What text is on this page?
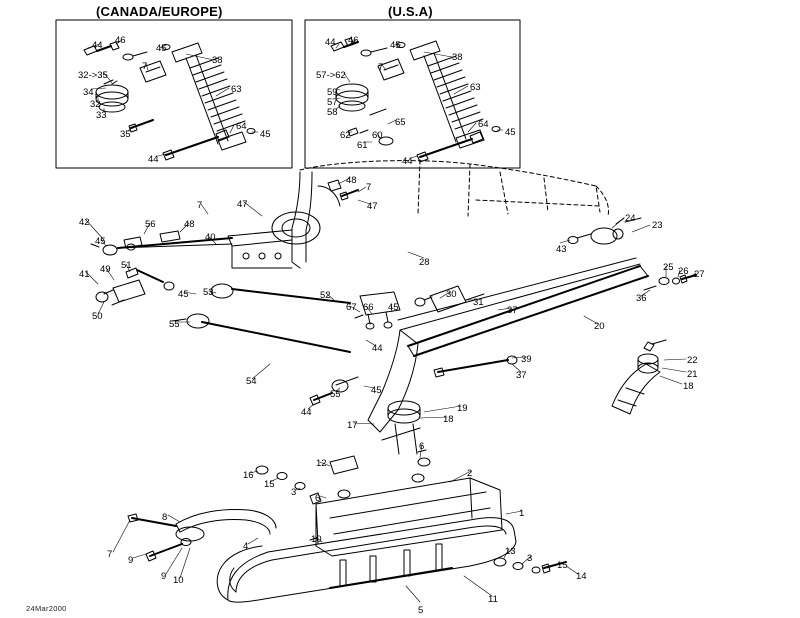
(CANADA/EUROPE)	(U.S.A)
46
44	45
38
32->35
7
63
34
32
33
35
64
45
44
46
44	45
38
57->62
7
63
59
57
58
65
62 60
61
64
45
44
48
7
47	47
7
42	56	48
24
23
45	40
43
41 49 51	28	25 26 27
45 53	52	30
31
37
36
50
67 66 45
20
55
44
39	22
54
21
37
18
55	45
19
44
18
17
6
16
12
2
15
3
6
1
8
4
7
9
10
13
3
15
9 10	14
11
5
24Mar2000
